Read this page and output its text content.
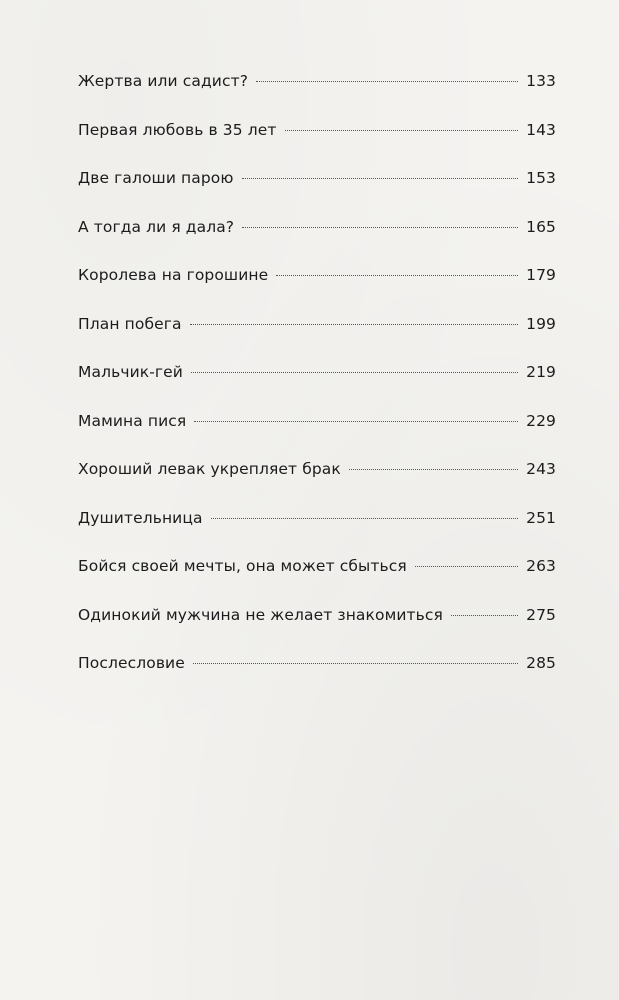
Жертва или садист?	133
Первая любовь в 35 лет	143
Две галоши парою	153
А тогда ли я дала?	165
Королева на горошине	179
План побега	199
Мальчик-гей	219
Мамина пися	229
Хороший левак укрепляет брак	243
Душительница	251
Бойся своей мечты, она может сбыться	263
Одинокий мужчина не желает знакомиться	275
Послесловие	285
